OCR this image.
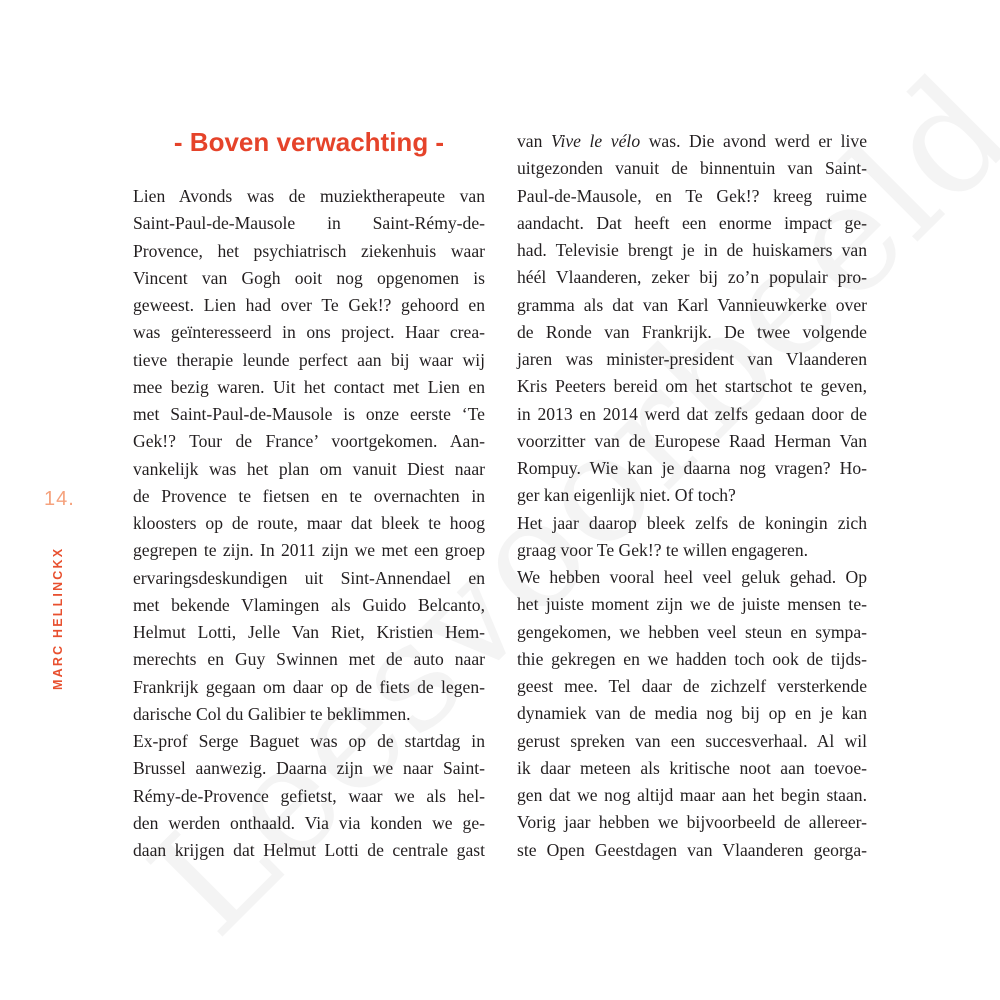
14.
MARC HELLINCKX
- Boven verwachting -
Lien Avonds was de muziektherapeute van
Saint-Paul-de-Mausole in Saint-Rémy-de-
Provence, het psychiatrisch ziekenhuis waar
Vincent van Gogh ooit nog opgenomen is
geweest. Lien had over Te Gek!? gehoord en
was geïnteresseerd in ons project. Haar crea-
tieve therapie leunde perfect aan bij waar wij
mee bezig waren. Uit het contact met Lien en
met Saint-Paul-de-Mausole is onze eerste ‘Te
Gek!? Tour de France’ voortgekomen. Aan-
vankelijk was het plan om vanuit Diest naar
de Provence te fietsen en te overnachten in
kloosters op de route, maar dat bleek te hoog
gegrepen te zijn. In 2011 zijn we met een groep
ervaringsdeskundigen uit Sint-Annendael en
met bekende Vlamingen als Guido Belcanto,
Helmut Lotti, Jelle Van Riet, Kristien Hem-
merechts en Guy Swinnen met de auto naar
Frankrijk gegaan om daar op de fiets de legen-
darische Col du Galibier te beklimmen.
Ex-prof Serge Baguet was op de startdag in
Brussel aanwezig. Daarna zijn we naar Saint-
Rémy-de-Provence gefietst, waar we als hel-
den werden onthaald. Via via konden we ge-
daan krijgen dat Helmut Lotti de centrale gast
van Vive le vélo was. Die avond werd er live
uitgezonden vanuit de binnentuin van Saint-
Paul-de-Mausole, en Te Gek!? kreeg ruime
aandacht. Dat heeft een enorme impact ge-
had. Televisie brengt je in de huiskamers van
héél Vlaanderen, zeker bij zo’n populair pro-
gramma als dat van Karl Vannieuwkerke over
de Ronde van Frankrijk. De twee volgende
jaren was minister-president van Vlaanderen
Kris Peeters bereid om het startschot te geven,
in 2013 en 2014 werd dat zelfs gedaan door de
voorzitter van de Europese Raad Herman Van
Rompuy. Wie kan je daarna nog vragen? Ho-
ger kan eigenlijk niet. Of toch?
Het jaar daarop bleek zelfs de koningin zich
graag voor Te Gek!? te willen engageren.
We hebben vooral heel veel geluk gehad. Op
het juiste moment zijn we de juiste mensen te-
gengekomen, we hebben veel steun en sympa-
thie gekregen en we hadden toch ook de tijds-
geest mee. Tel daar de zichzelf versterkende
dynamiek van de media nog bij op en je kan
gerust spreken van een succesverhaal. Al wil
ik daar meteen als kritische noot aan toevoe-
gen dat we nog altijd maar aan het begin staan.
Vorig jaar hebben we bijvoorbeeld de allereer-
ste Open Geestdagen van Vlaanderen georga-
